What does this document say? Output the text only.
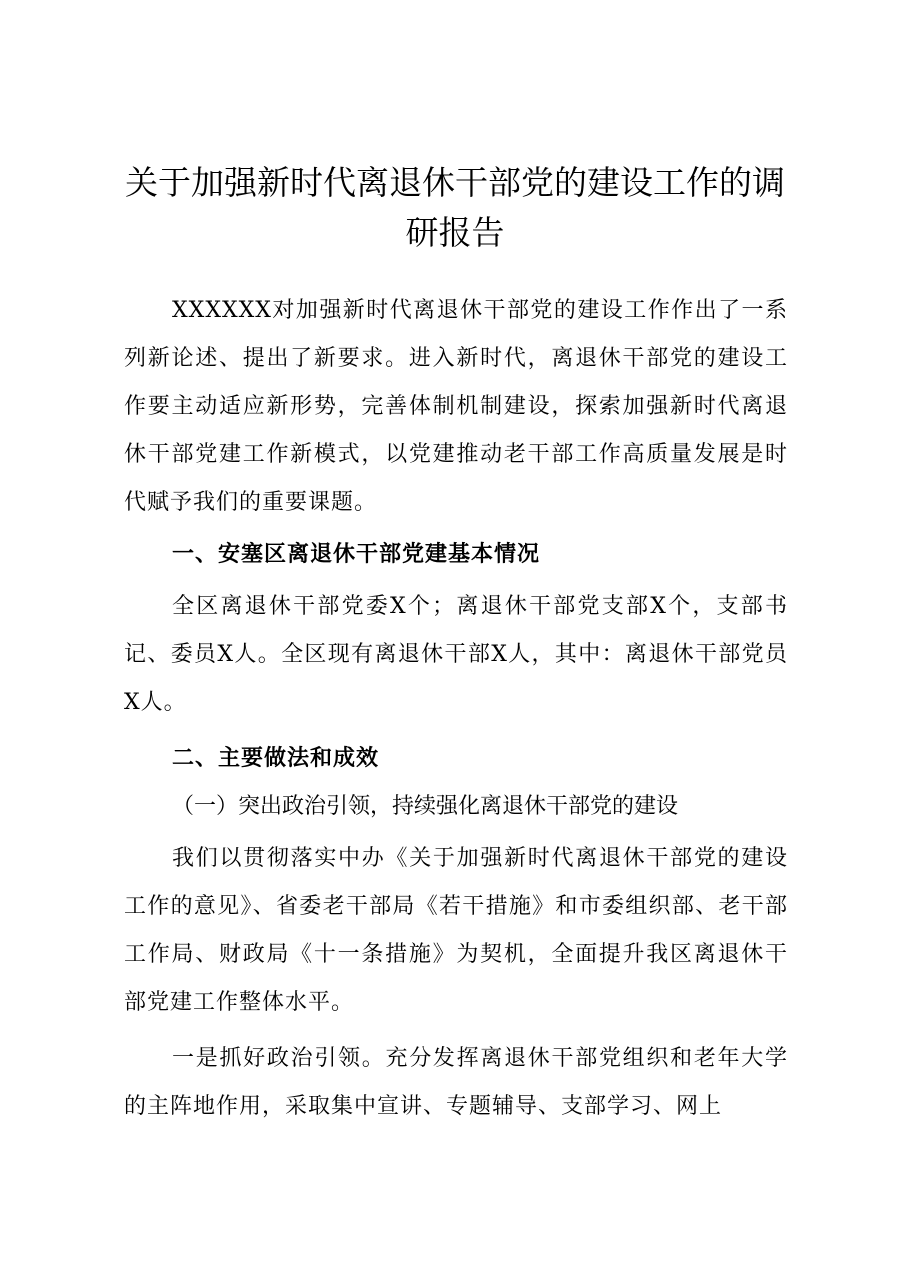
关于加强新时代离退休干部党的建设工作的调
研报告

XXXXXX对加强新时代离退休干部党的建设工作作出了一系列新论述、提出了新要求。进入新时代，离退休干部党的建设工作要主动适应新形势，完善体制机制建设，探索加强新时代离退休干部党建工作新模式，以党建推动老干部工作高质量发展是时代赋予我们的重要课题。

一、安塞区离退休干部党建基本情况

全区离退休干部党委X个；离退休干部党支部X个，支部书记、委员X人。全区现有离退休干部X人，其中：离退休干部党员X人。

二、主要做法和成效

（一）突出政治引领，持续强化离退休干部党的建设

我们以贯彻落实中办《关于加强新时代离退休干部党的建设工作的意见》、省委老干部局《若干措施》和市委组织部、老干部工作局、财政局《十一条措施》为契机，全面提升我区离退休干部党建工作整体水平。

一是抓好政治引领。充分发挥离退休干部党组织和老年大学的主阵地作用，采取集中宣讲、专题辅导、支部学习、网上
